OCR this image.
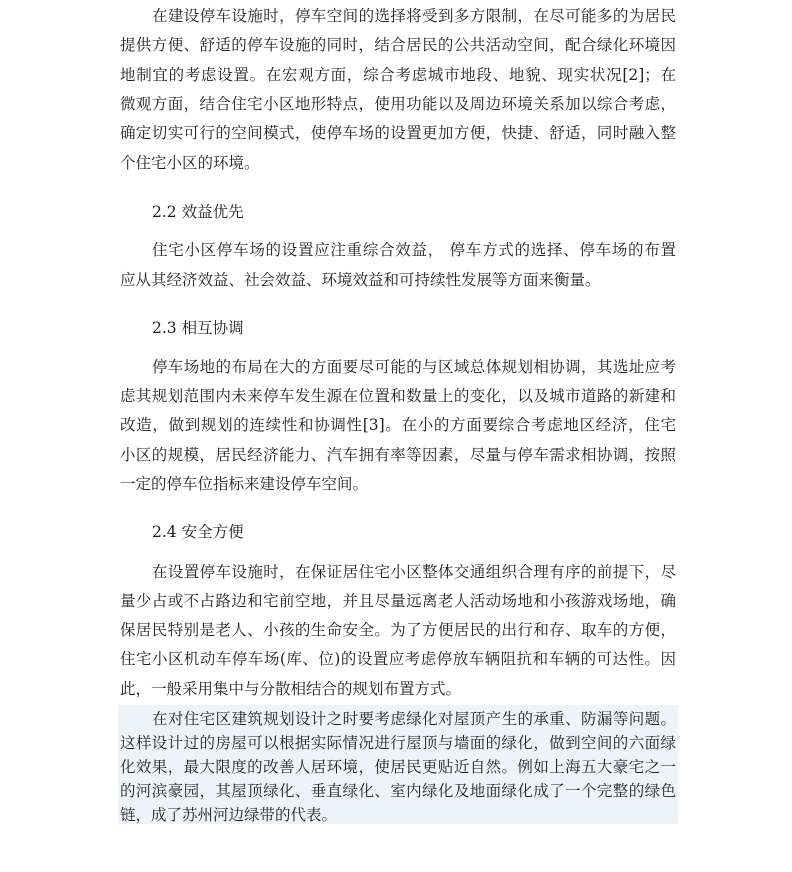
在建设停车设施时，停车空间的选择将受到多方限制，在尽可能多的为居民

提供方便、舒适的停车设施的同时，结合居民的公共活动空间，配合绿化环境因

地制宜的考虑设置。在宏观方面，综合考虑城市地段、地貌、现实状况[2]；在

微观方面，结合住宅小区地形特点，使用功能以及周边环境关系加以综合考虑，

确定切实可行的空间模式，使停车场的设置更加方便，快捷、舒适，同时融入整

个住宅小区的环境。

2.2 效益优先

住宅小区停车场的设置应注重综合效益， 停车方式的选择、停车场的布置

应从其经济效益、社会效益、环境效益和可持续性发展等方面来衡量。

2.3 相互协调

停车场地的布局在大的方面要尽可能的与区域总体规划相协调，其选址应考

虑其规划范围内未来停车发生源在位置和数量上的变化，以及城市道路的新建和

改造，做到规划的连续性和协调性[3]。在小的方面要综合考虑地区经济，住宅

小区的规模，居民经济能力、汽车拥有率等因素，尽量与停车需求相协调，按照

一定的停车位指标来建设停车空间。

2.4 安全方便

在设置停车设施时，在保证居住宅小区整体交通组织合理有序的前提下，尽

量少占或不占路边和宅前空地，并且尽量远离老人活动场地和小孩游戏场地，确

保居民特别是老人、小孩的生命安全。为了方便居民的出行和存、取车的方便，

住宅小区机动车停车场(库、位)的设置应考虑停放车辆阻抗和车辆的可达性。因

此，一般采用集中与分散相结合的规划布置方式。

在对住宅区建筑规划设计之时要考虑绿化对屋顶产生的承重、防漏等问题。

这样设计过的房屋可以根据实际情况进行屋顶与墙面的绿化，做到空间的六面绿

化效果，最大限度的改善人居环境，使居民更贴近自然。例如上海五大豪宅之一

的河滨豪园，其屋顶绿化、垂直绿化、室内绿化及地面绿化成了一个完整的绿色

链，成了苏州河边绿带的代表。
